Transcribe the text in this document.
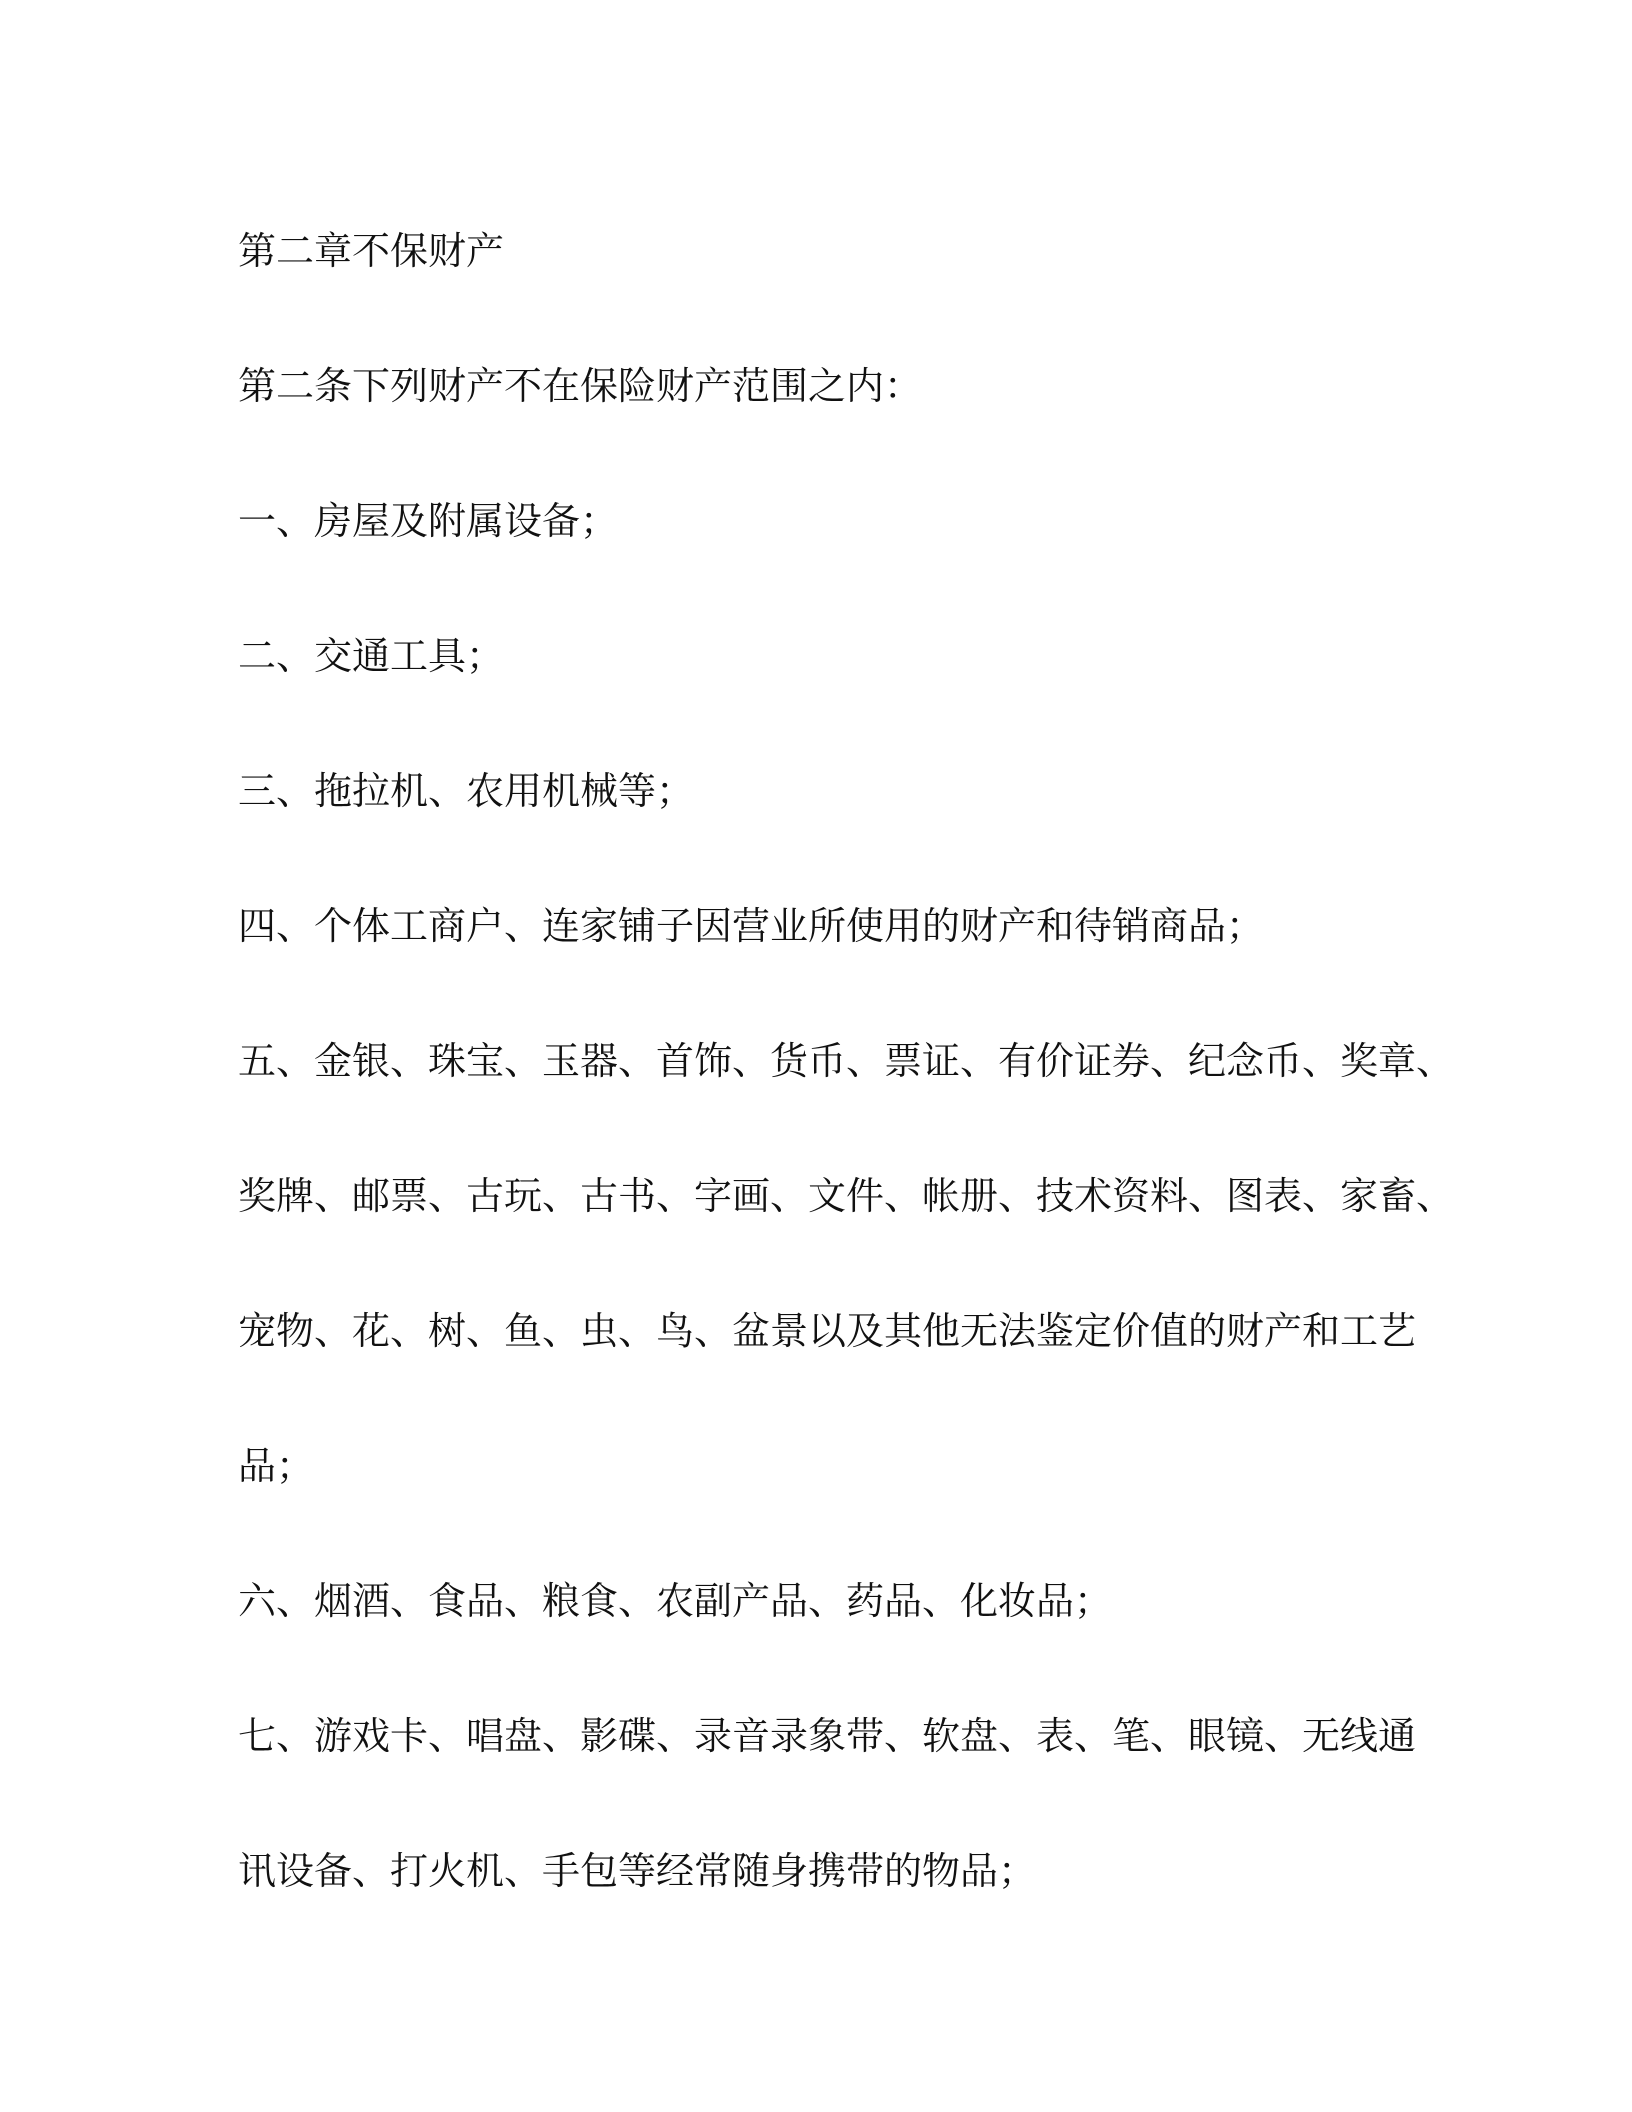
第二章不保财产

第二条下列财产不在保险财产范围之内：

一、房屋及附属设备；

二、交通工具；

三、拖拉机、农用机械等；

四、个体工商户、连家铺子因营业所使用的财产和待销商品；

五、金银、珠宝、玉器、首饰、货币、票证、有价证券、纪念币、奖章、

奖牌、邮票、古玩、古书、字画、文件、帐册、技术资料、图表、家畜、

宠物、花、树、鱼、虫、鸟、盆景以及其他无法鉴定价值的财产和工艺

品；

六、烟酒、食品、粮食、农副产品、药品、化妆品；

七、游戏卡、唱盘、影碟、录音录象带、软盘、表、笔、眼镜、无线通

讯设备、打火机、手包等经常随身携带的物品；
